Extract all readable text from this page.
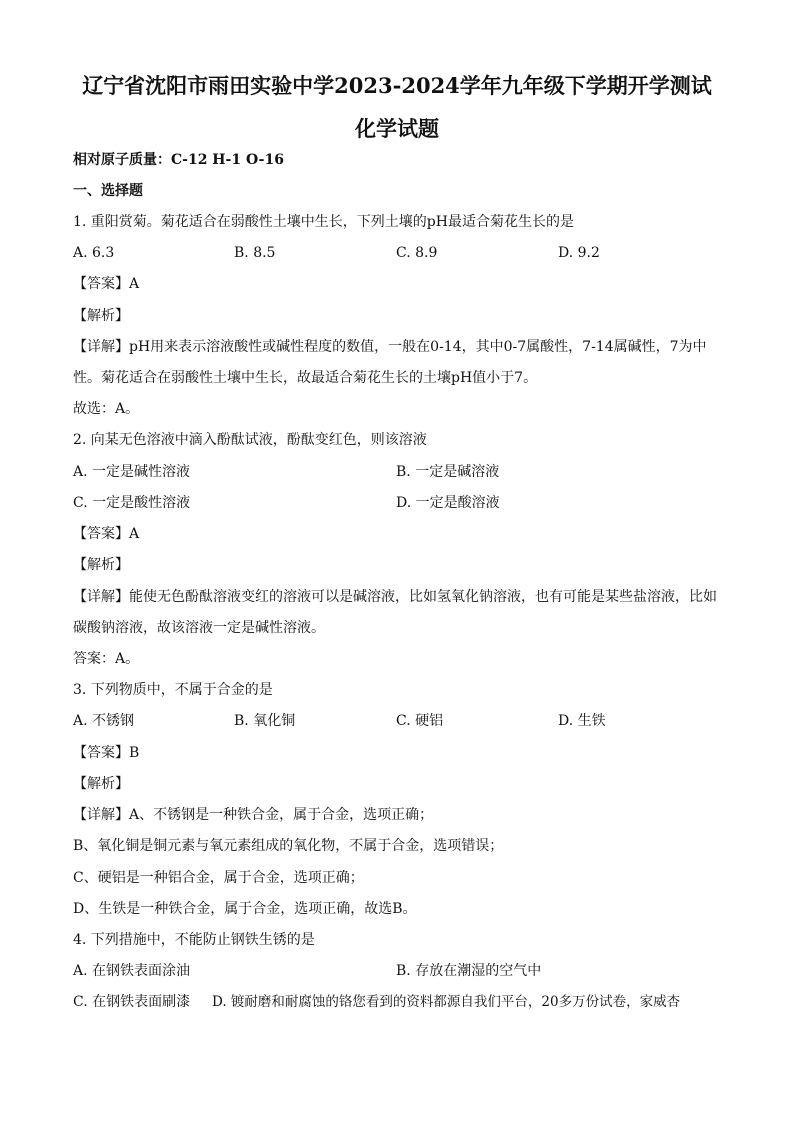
辽宁省沈阳市雨田实验中学2023-2024学年九年级下学期开学测试
化学试题
相对原子质量：C-12 H-1 O-16
一、选择题
1. 重阳赏菊。菊花适合在弱酸性土壤中生长，下列土壤的pH最适合菊花生长的是
A. 6.3	B. 8.5	C. 8.9	D. 9.2
【答案】A
【解析】
【详解】pH用来表示溶液酸性或碱性程度的数值，一般在0-14，其中0-7属酸性，7-14属碱性，7为中
性。菊花适合在弱酸性土壤中生长，故最适合菊花生长的土壤pH值小于7。
故选：A。
2. 向某无色溶液中滴入酚酞试液，酚酞变红色，则该溶液
A. 一定是碱性溶液	B. 一定是碱溶液
C. 一定是酸性溶液	D. 一定是酸溶液
【答案】A
【解析】
【详解】能使无色酚酞溶液变红的溶液可以是碱溶液，比如氢氧化钠溶液，也有可能是某些盐溶液，比如
碳酸钠溶液，故该溶液一定是碱性溶液。
答案：A。
3. 下列物质中，不属于合金的是
A. 不锈钢	B. 氧化铜	C. 硬铝	D. 生铁
【答案】B
【解析】
【详解】A、不锈钢是一种铁合金，属于合金，选项正确；
B、氧化铜是铜元素与氧元素组成的氧化物，不属于合金，选项错误；
C、硬铝是一种铝合金，属于合金，选项正确；
D、生铁是一种铁合金，属于合金，选项正确，故选B。
4. 下列措施中，不能防止钢铁生锈的是
A. 在钢铁表面涂油	B. 存放在潮湿的空气中
C. 在钢铁表面刷漆 D. 镀耐磨和耐腐蚀的铬您看到的资料都源自我们平台，20多万份试卷，家威杏
